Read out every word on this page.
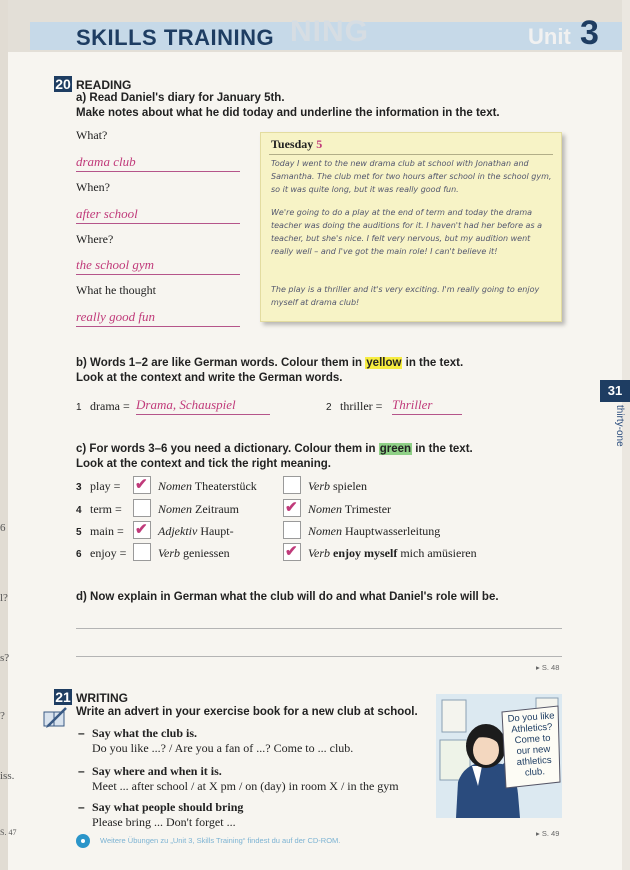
NING
SKILLS TRAINING	Unit 3
6
l?
s?
?
iss.
S. 47
31
thirty-one
20 READING
a) Read Daniel's diary for January 5th.
Make notes about what he did today and underline the information in the text.
What?
drama club
When?
after school
Where?
the school gym
What he thought
really good fun
Tuesday 5
Today I went to the new drama club at school with Jonathan and Samantha. The club met for two hours after school in the school gym, so it was quite long, but it was really good fun.
We're going to do a play at the end of term and today the drama teacher was doing the auditions for it. I haven't had her before as a teacher, but she's nice. I felt very nervous, but my audition went really well – and I've got the main role! I can't believe it!
The play is a thriller and it's very exciting. I'm really going to enjoy myself at drama club!
b) Words 1–2 are like German words. Colour them in yellow in the text.
Look at the context and write the German words.
1 drama = Drama, Schauspiel	2 thriller = Thriller
c) For words 3–6 you need a dictionary. Colour them in green in the text.
Look at the context and tick the right meaning.
3 play = ✔ Nomen Theaterstück	Verb spielen
4 term =	Nomen Zeitraum	✔ Nomen Trimester
5 main = ✔ Adjektiv Haupt-	Nomen Hauptwasserleitung
6 enjoy =	Verb geniessen	✔ Verb enjoy myself mich amüsieren
d) Now explain in German what the club will do and what Daniel's role will be.
▸ S. 48
21 WRITING
Write an advert in your exercise book for a new club at school.
– Say what the club is.
Do you like ...? / Are you a fan of ...? Come to ... club.
– Say where and when it is.
Meet ... after school / at X pm / on (day) in room X / in the gym
– Say what people should bring
Please bring ... Don't forget ...
Do you like
Athletics?
Come to
our new
athletics
club.
▸ S. 49
Weitere Übungen zu „Unit 3, Skills Training“ findest du auf der CD-ROM.
